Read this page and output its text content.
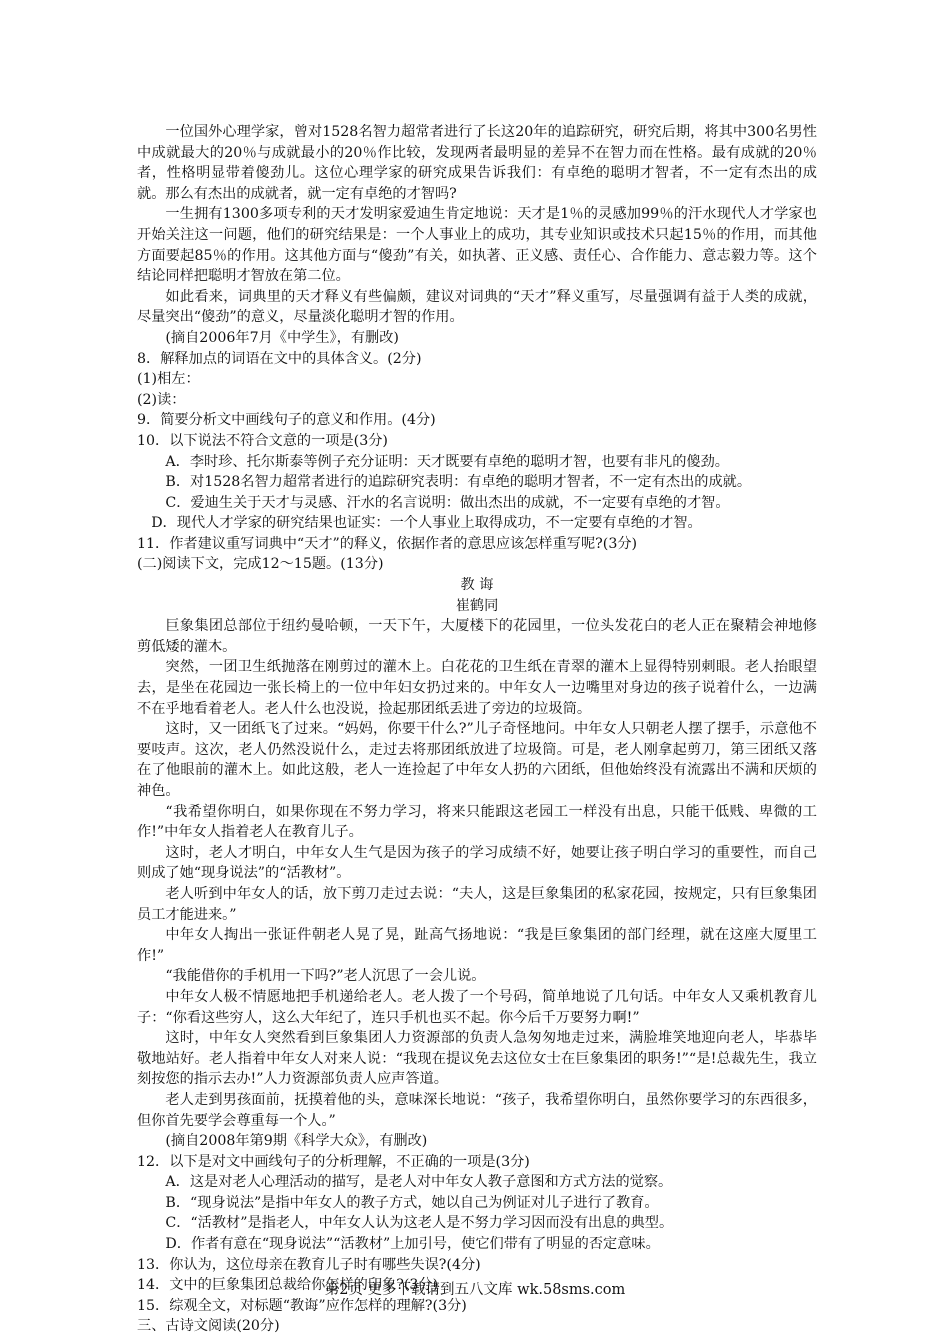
一位国外心理学家，曾对1528名智力超常者进行了长这20年的追踪研究，研究后期，将其中300名男性中成就最大的20％与成就最小的20％作比较，发现两者最明显的差异不在智力而在性格。最有成就的20％者，性格明显带着傻劲儿。这位心理学家的研究成果告诉我们：有卓绝的聪明才智者，不一定有杰出的成就。那么有杰出的成就者，就一定有卓绝的才智吗?

一生拥有1300多项专利的天才发明家爱迪生肯定地说：天才是1％的灵感加99％的汗水现代人才学家也开始关注这一问题，他们的研究结果是：一个人事业上的成功，其专业知识或技术只起15％的作用，而其他方面要起85％的作用。这其他方面与“傻劲”有关，如执著、正义感、责任心、合作能力、意志毅力等。这个结论同样把聪明才智放在第二位。

如此看来，词典里的天才释义有些偏颇，建议对词典的“天才”释义重写，尽量强调有益于人类的成就，尽量突出“傻劲”的意义，尽量淡化聪明才智的作用。

(摘自2006年7月《中学生》，有删改)

8．解释加点的词语在文中的具体含义。(2分)

(1)相左：

(2)读：

9．简要分析文中画线句子的意义和作用。(4分)

10．以下说法不符合文意的一项是(3分)

A．李时珍、托尔斯泰等例子充分证明：天才既要有卓绝的聪明才智，也要有非凡的傻劲。

B．对1528名智力超常者进行的追踪研究表明：有卓绝的聪明才智者，不一定有杰出的成就。

C．爱迪生关于天才与灵感、汗水的名言说明：做出杰出的成就，不一定要有卓绝的才智。

D．现代人才学家的研究结果也证实：一个人事业上取得成功，不一定要有卓绝的才智。

11．作者建议重写词典中“天才”的释义，依据作者的意思应该怎样重写呢?(3分)

(二)阅读下文，完成12～15题。(13分)

教 诲

崔鹤同

巨象集团总部位于纽约曼哈顿，一天下午，大厦楼下的花园里，一位头发花白的老人正在聚精会神地修剪低矮的灌木。

突然，一团卫生纸抛落在刚剪过的灌木上。白花花的卫生纸在青翠的灌木上显得特别刺眼。老人抬眼望去，是坐在花园边一张长椅上的一位中年妇女扔过来的。中年女人一边嘴里对身边的孩子说着什么，一边满不在乎地看着老人。老人什么也没说，捡起那团纸丢进了旁边的垃圾筒。

这时，又一团纸飞了过来。“妈妈，你要干什么?”儿子奇怪地问。中年女人只朝老人摆了摆手，示意他不要吱声。这次，老人仍然没说什么，走过去将那团纸放进了垃圾筒。可是，老人刚拿起剪刀，第三团纸又落在了他眼前的灌木上。如此这般，老人一连捡起了中年女人扔的六团纸，但他始终没有流露出不满和厌烦的神色。

“我希望你明白，如果你现在不努力学习，将来只能跟这老园工一样没有出息，只能干低贱、卑微的工作!”中年女人指着老人在教育儿子。

这时，老人才明白，中年女人生气是因为孩子的学习成绩不好，她要让孩子明白学习的重要性，而自己则成了她“现身说法”的“活教材”。

老人听到中年女人的话，放下剪刀走过去说：“夫人，这是巨象集团的私家花园，按规定，只有巨象集团员工才能进来。”

中年女人掏出一张证件朝老人晃了晃，趾高气扬地说：“我是巨象集团的部门经理，就在这座大厦里工作!”

“我能借你的手机用一下吗?”老人沉思了一会儿说。

中年女人极不情愿地把手机递给老人。老人拨了一个号码，简单地说了几句话。中年女人又乘机教育儿子：“你看这些穷人，这么大年纪了，连只手机也买不起。你今后千万要努力啊!”

这时，中年女人突然看到巨象集团人力资源部的负责人急匆匆地走过来，满脸堆笑地迎向老人，毕恭毕敬地站好。老人指着中年女人对来人说：“我现在提议免去这位女士在巨象集团的职务!”“是!总裁先生，我立刻按您的指示去办!”人力资源部负责人应声答道。

老人走到男孩面前，抚摸着他的头，意味深长地说：“孩子，我希望你明白，虽然你要学习的东西很多，但你首先要学会尊重每一个人。”

(摘自2008年第9期《科学大众》，有删改)

12．以下是对文中画线句子的分析理解，不正确的一项是(3分)

A．这是对老人心理活动的描写，是老人对中年女人教子意图和方式方法的觉察。

B．“现身说法”是指中年女人的教子方式，她以自己为例证对儿子进行了教育。

C．“活教材”是指老人，中年女人认为这老人是不努力学习因而没有出息的典型。

D．作者有意在“现身说法”“活教材”上加引号，使它们带有了明显的否定意味。

13．你认为，这位母亲在教育儿子时有哪些失误?(4分)

14．文中的巨象集团总裁给你怎样的印象?(3分)

15．综观全文，对标题“教诲”应作怎样的理解?(3分)

三、古诗文阅读(20分)

第2页 更多下载请到五八文库 wk.58sms.com
